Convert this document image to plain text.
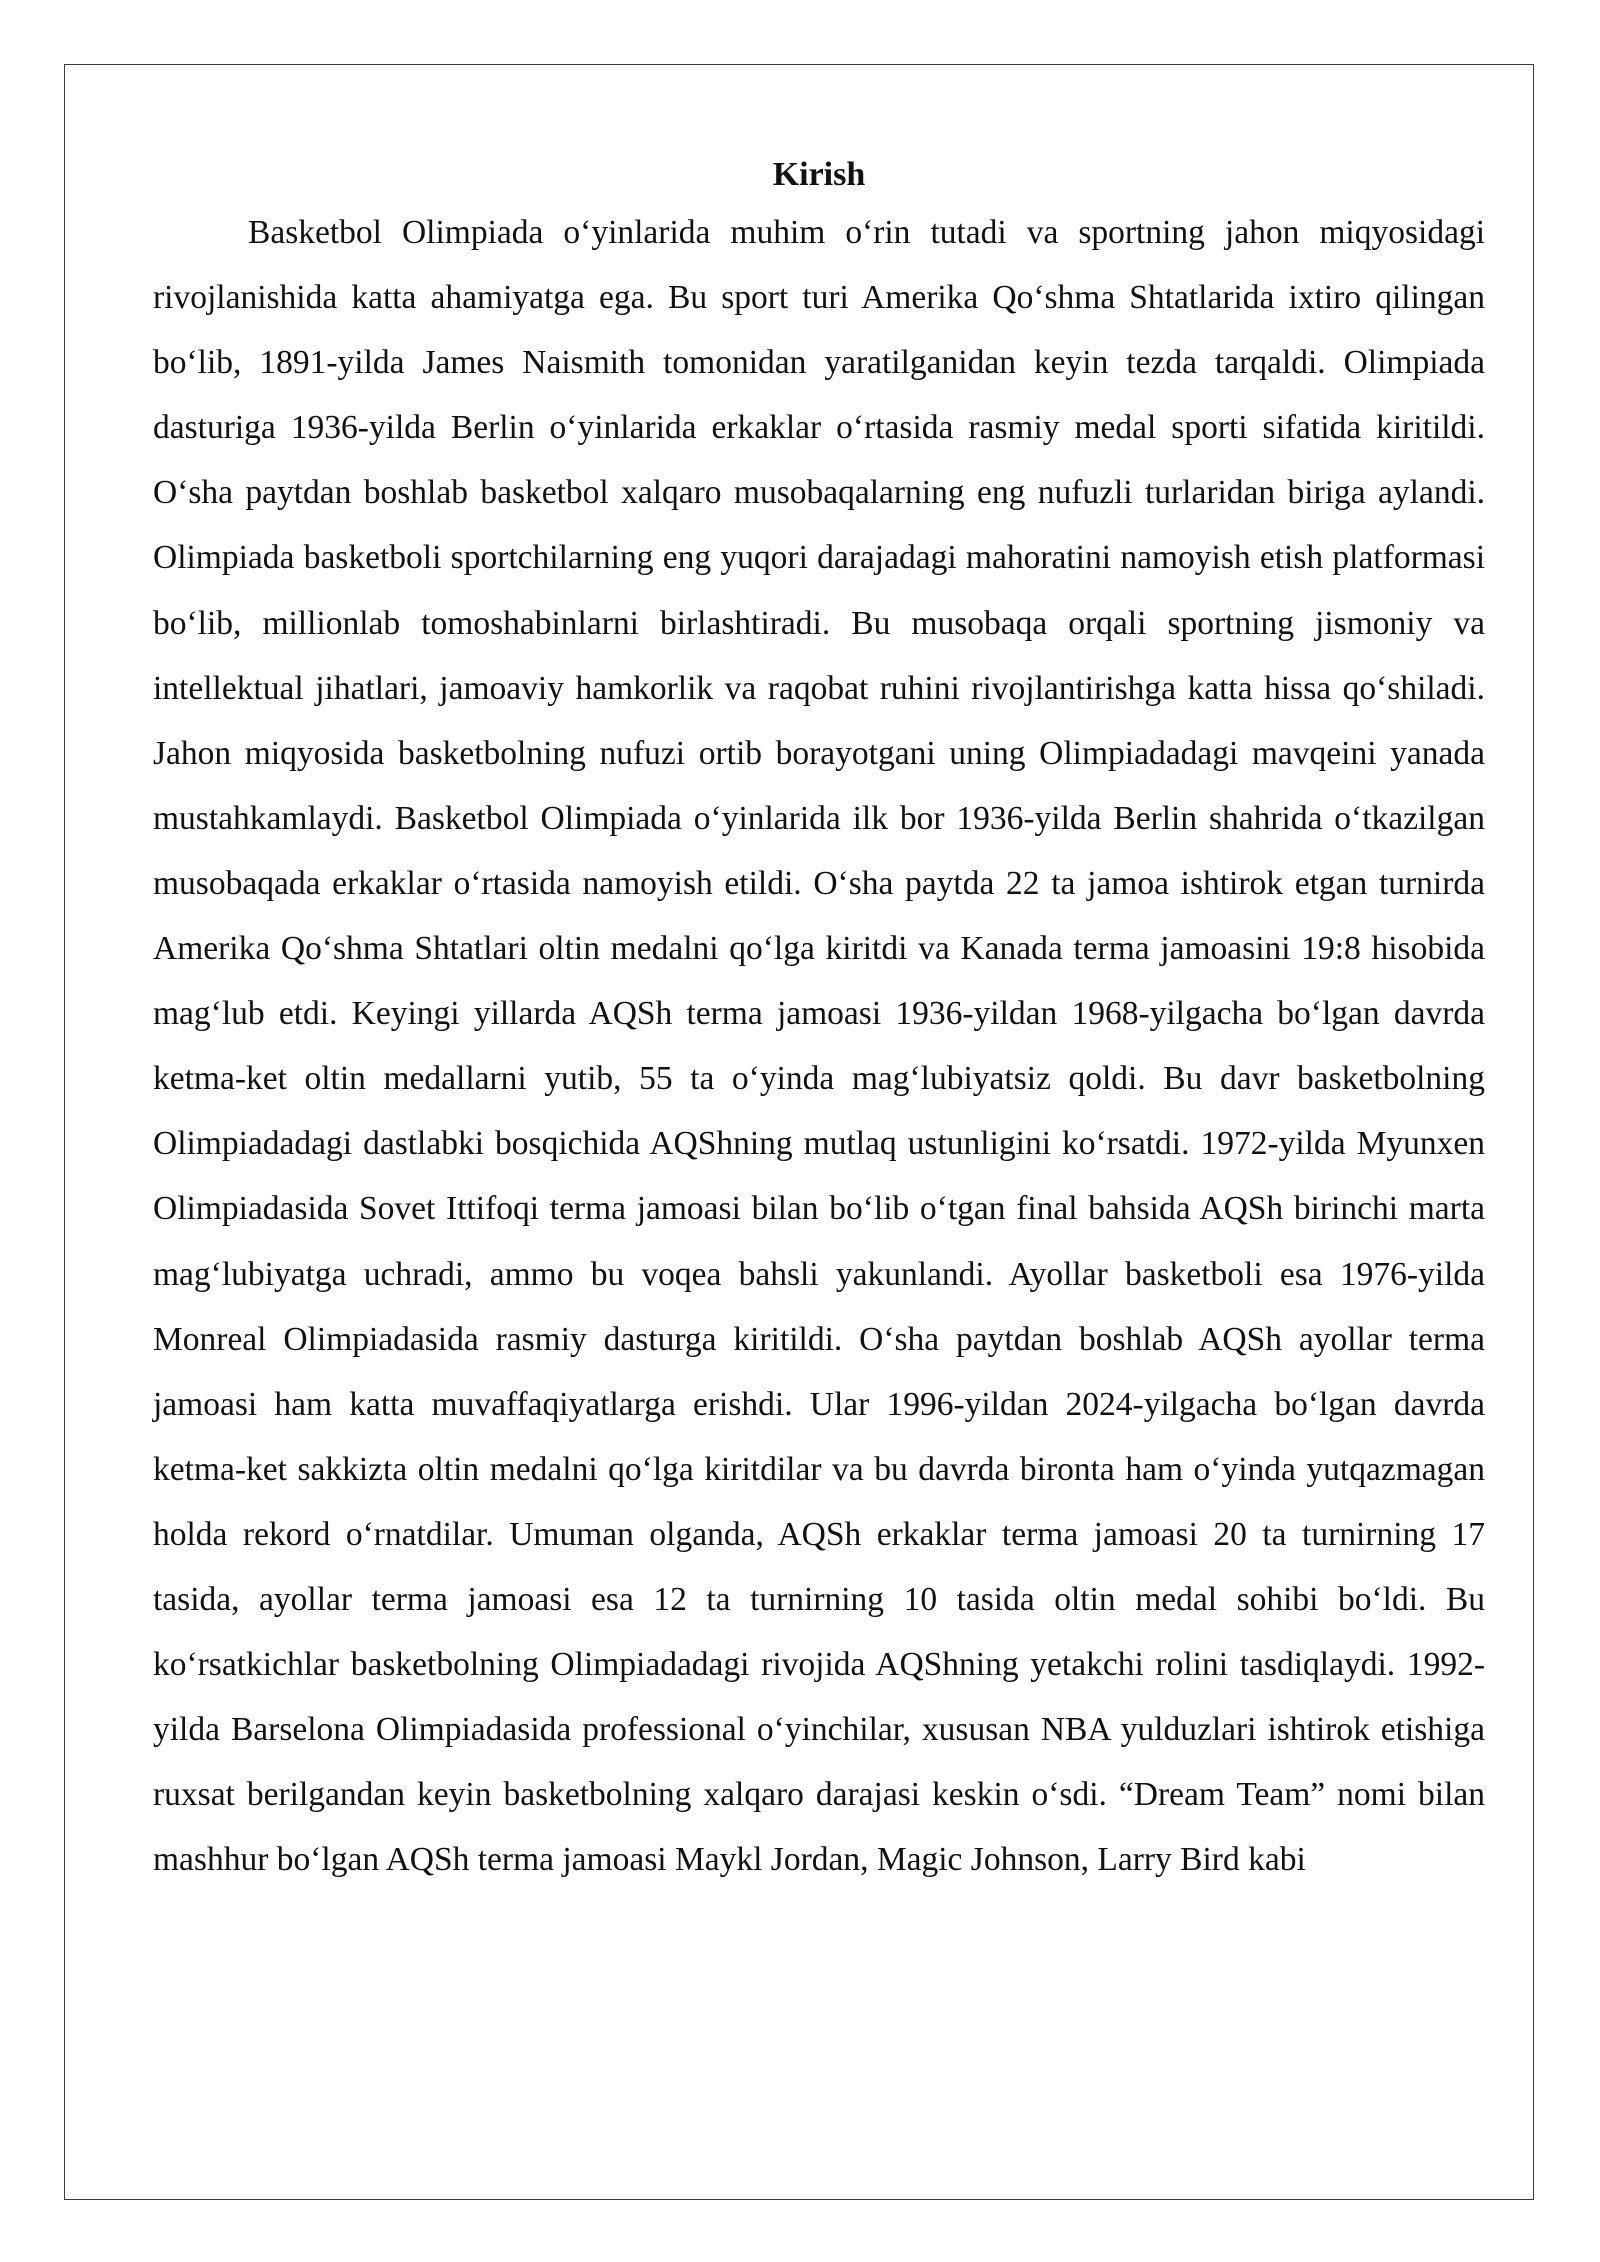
Kirish

Basketbol Olimpiada o‘yinlarida muhim o‘rin tutadi va sportning jahon miqyosidagi rivojlanishida katta ahamiyatga ega. Bu sport turi Amerika Qo‘shma Shtatlarida ixtiro qilingan bo‘lib, 1891-yilda James Naismith tomonidan yaratilganidan keyin tezda tarqaldi. Olimpiada dasturiga 1936-yilda Berlin o‘yinlarida erkaklar o‘rtasida rasmiy medal sporti sifatida kiritildi. O‘sha paytdan boshlab basketbol xalqaro musobaqalarning eng nufuzli turlaridan biriga aylandi. Olimpiada basketboli sportchilarning eng yuqori darajadagi mahoratini namoyish etish platformasi bo‘lib, millionlab tomoshabinlarni birlashtiradi. Bu musobaqa orqali sportning jismoniy va intellektual jihatlari, jamoaviy hamkorlik va raqobat ruhini rivojlantirishga katta hissa qo‘shiladi. Jahon miqyosida basketbolning nufuzi ortib borayotgani uning Olimpiadadagi mavqeini yanada mustahkamlaydi. Basketbol Olimpiada o‘yinlarida ilk bor 1936-yilda Berlin shahrida o‘tkazilgan musobaqada erkaklar o‘rtasida namoyish etildi. O‘sha paytda 22 ta jamoa ishtirok etgan turnirda Amerika Qo‘shma Shtatlari oltin medalni qo‘lga kiritdi va Kanada terma jamoasini 19:8 hisobida mag‘lub etdi. Keyingi yillarda AQSh terma jamoasi 1936-yildan 1968-yilgacha bo‘lgan davrda ketma-ket oltin medallarni yutib, 55 ta o‘yinda mag‘lubiyatsiz qoldi. Bu davr basketbolning Olimpiadadagi dastlabki bosqichida AQShning mutlaq ustunligini ko‘rsatdi. 1972-yilda Myunxen Olimpiadasida Sovet Ittifoqi terma jamoasi bilan bo‘lib o‘tgan final bahsida AQSh birinchi marta mag‘lubiyatga uchradi, ammo bu voqea bahsli yakunlandi. Ayollar basketboli esa 1976-yilda Monreal Olimpiadasida rasmiy dasturga kiritildi. O‘sha paytdan boshlab AQSh ayollar terma jamoasi ham katta muvaffaqiyatlarga erishdi. Ular 1996-yildan 2024-yilgacha bo‘lgan davrda ketma-ket sakkizta oltin medalni qo‘lga kiritdilar va bu davrda bironta ham o‘yinda yutqazmagan holda rekord o‘rnatdilar. Umuman olganda, AQSh erkaklar terma jamoasi 20 ta turnirning 17 tasida, ayollar terma jamoasi esa 12 ta turnirning 10 tasida oltin medal sohibi bo‘ldi. Bu ko‘rsatkichlar basketbolning Olimpiadadagi rivojida AQShning yetakchi rolini tasdiqlaydi. 1992-yilda Barselona Olimpiadasida professional o‘yinchilar, xususan NBA yulduzlari ishtirok etishiga ruxsat berilgandan keyin basketbolning xalqaro darajasi keskin o‘sdi. “Dream Team” nomi bilan mashhur bo‘lgan AQSh terma jamoasi Maykl Jordan, Magic Johnson, Larry Bird kabi
